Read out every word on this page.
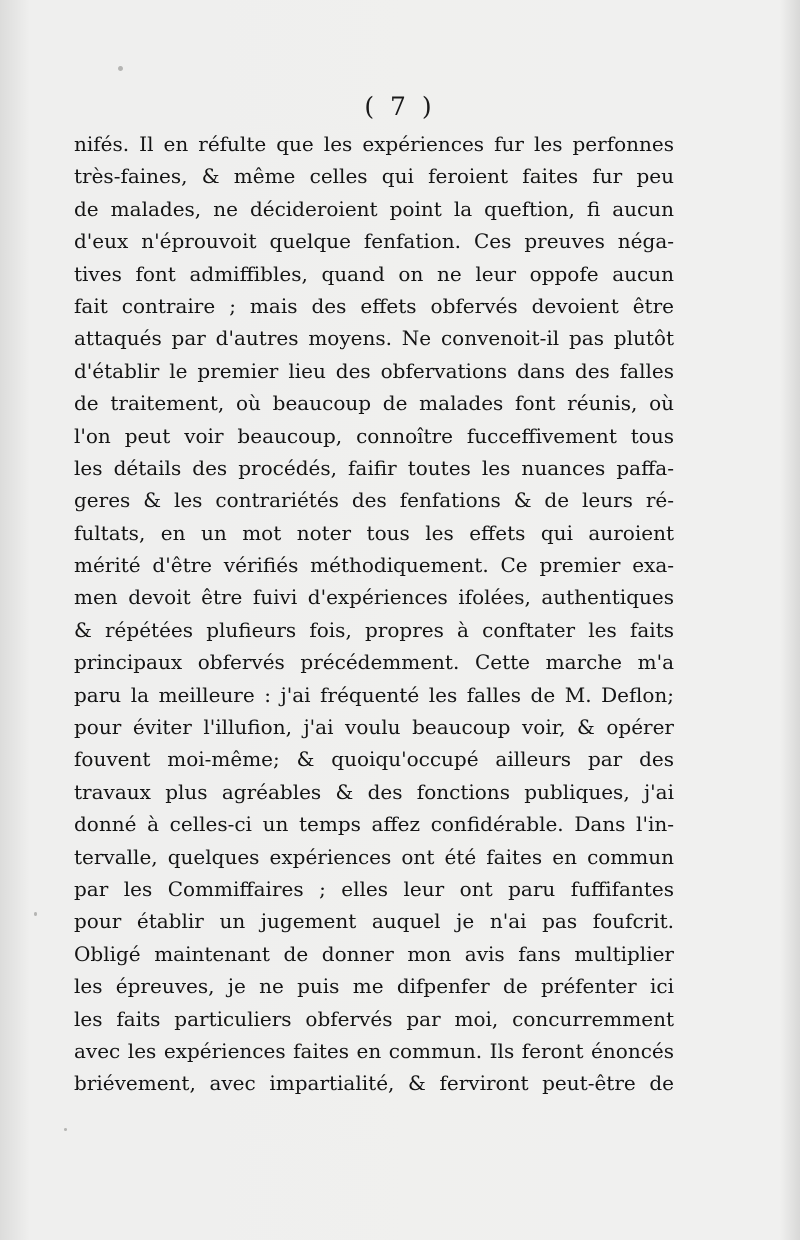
( 7 )
nifés. Il en réfulte que les expériences fur les perfonnes
très-faines, & même celles qui feroient faites fur peu
de malades, ne décideroient point la queftion, fi aucun
d'eux n'éprouvoit quelque fenfation. Ces preuves néga-
tives font admiffibles, quand on ne leur oppofe aucun
fait contraire ; mais des effets obfervés devoient être
attaqués par d'autres moyens. Ne convenoit-il pas plutôt
d'établir le premier lieu des obfervations dans des falles
de traitement, où beaucoup de malades font réunis, où
l'on peut voir beaucoup, connoître fucceffivement tous
les détails des procédés, faifir toutes les nuances paffa-
geres & les contrariétés des fenfations & de leurs ré-
fultats, en un mot noter tous les effets qui auroient
mérité d'être vérifiés méthodiquement. Ce premier exa-
men devoit être fuivi d'expériences ifolées, authentiques
& répétées plufieurs fois, propres à conftater les faits
principaux obfervés précédemment. Cette marche m'a
paru la meilleure : j'ai fréquenté les falles de M. Deflon;
pour éviter l'illufion, j'ai voulu beaucoup voir, & opérer
fouvent moi-même; & quoiqu'occupé ailleurs par des
travaux plus agréables & des fonctions publiques, j'ai
donné à celles-ci un temps affez confidérable. Dans l'in-
tervalle, quelques expériences ont été faites en commun
par les Commiffaires ; elles leur ont paru fuffifantes
pour établir un jugement auquel je n'ai pas foufcrit.
Obligé maintenant de donner mon avis fans multiplier
les épreuves, je ne puis me difpenfer de préfenter ici
les faits particuliers obfervés par moi, concurremment
avec les expériences faites en commun. Ils feront énoncés
briévement, avec impartialité, & ferviront peut-être de
